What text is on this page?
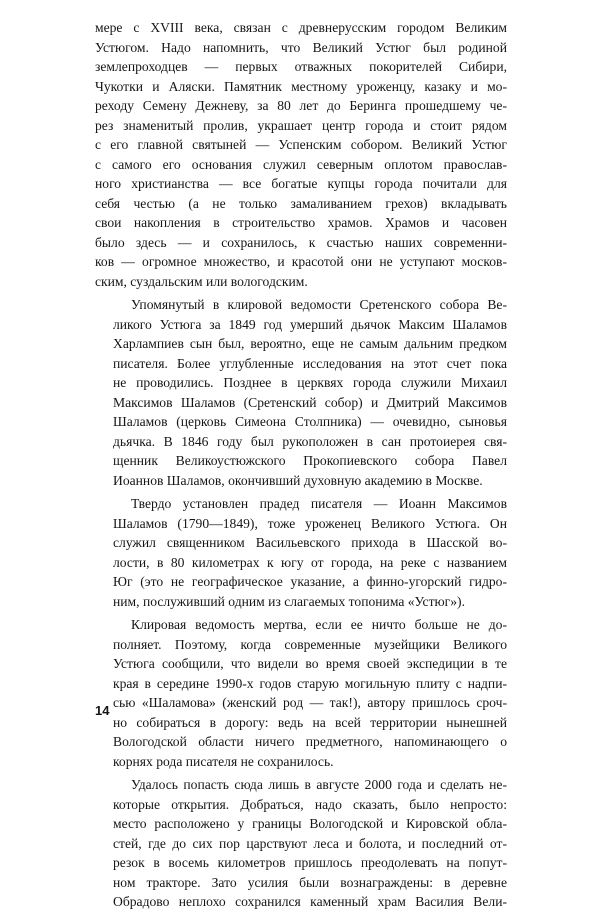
мере с XVIII века, связан с древнерусским городом Великим
Устюгом. Надо напомнить, что Великий Устюг был родиной
землепроходцев — первых отважных покорителей Сибири,
Чукотки и Аляски. Памятник местному уроженцу, казаку и мо-
реходу Семену Дежневу, за 80 лет до Беринга прошедшему че-
рез знаменитый пролив, украшает центр города и стоит рядом
с его главной святыней — Успенским собором. Великий Устюг
с самого его основания служил северным оплотом православ-
ного христианства — все богатые купцы города почитали для
себя честью (а не только замаливанием грехов) вкладывать
свои накопления в строительство храмов. Храмов и часовен
было здесь — и сохранилось, к счастью наших современни-
ков — огромное множество, и красотой они не уступают москов-
ским, суздальским или вологодским.
Упомянутый в клировой ведомости Сретенского собора Ве-
ликого Устюга за 1849 год умерший дьячок Максим Шаламов
Харлампиев сын был, вероятно, еще не самым дальним предком
писателя. Более углубленные исследования на этот счет пока
не проводились. Позднее в церквях города служили Михаил
Максимов Шаламов (Сретенский собор) и Дмитрий Максимов
Шаламов (церковь Симеона Столпника) — очевидно, сыновья
дьячка. В 1846 году был рукоположен в сан протоиерея свя-
щенник Великоустюжского Прокопиевского собора Павел
Иоаннов Шаламов, окончивший духовную академию в Москве.
Твердо установлен прадед писателя — Иоанн Максимов
Шаламов (1790—1849), тоже уроженец Великого Устюга. Он
служил священником Васильевского прихода в Шасской во-
лости, в 80 километрах к югу от города, на реке с названием
Юг (это не географическое указание, а финно-угорский гидро-
ним, послуживший одним из слагаемых топонима «Устюг»).
Клировая ведомость мертва, если ее ничто больше не до-
полняет. Поэтому, когда современные музейщики Великого
Устюга сообщили, что видели во время своей экспедиции в те
края в середине 1990-х годов старую могильную плиту с надпи-
сью «Шаламова» (женский род — так!), автору пришлось сроч-
но собираться в дорогу: ведь на всей территории нынешней
Вологодской области ничего предметного, напоминающего о
корнях рода писателя не сохранилось.
Удалось попасть сюда лишь в августе 2000 года и сделать не-
которые открытия. Добраться, надо сказать, было непросто:
место расположено у границы Вологодской и Кировской обла-
стей, где до сих пор царствуют леса и болота, и последний от-
резок в восемь километров пришлось преодолевать на попут-
ном тракторе. Зато усилия были вознаграждены: в деревне
Обрадово неплохо сохранился каменный храм Василия Вели-
14
